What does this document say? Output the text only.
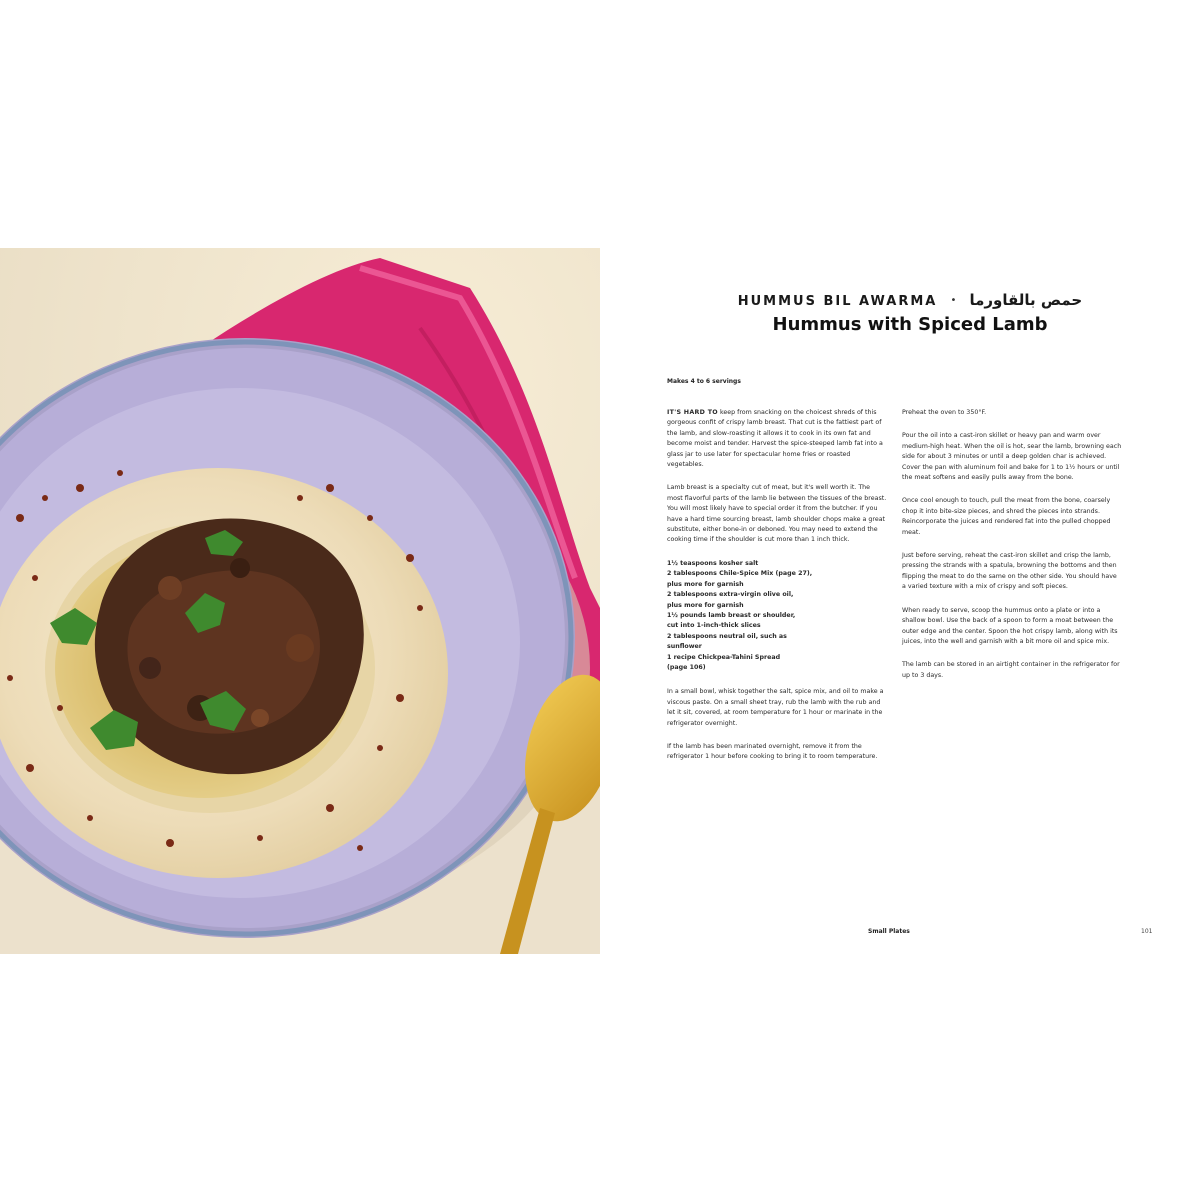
HUMMUS BIL AWARMA • حمص بالقاورما
Hummus with Spiced Lamb
Makes 4 to 6 servings

IT'S HARD TO keep from snacking on the choicest shreds of this gorgeous confit of crispy lamb breast. That cut is the fattiest part of the lamb, and slow-roasting it allows it to cook in its own fat and become moist and tender. Harvest the spice-steeped lamb fat into a glass jar to use later for spectacular home fries or roasted vegetables.

Lamb breast is a specialty cut of meat, but it's well worth it. The most flavorful parts of the lamb lie between the tissues of the breast. You will most likely have to special order it from the butcher. If you have a hard time sourcing breast, lamb shoulder chops make a great substitute, either bone-in or deboned. You may need to extend the cooking time if the shoulder is cut more than 1 inch thick.

1½ teaspoons kosher salt
2 tablespoons Chile-Spice Mix (page 27),
plus more for garnish
2 tablespoons extra-virgin olive oil,
plus more for garnish
1½ pounds lamb breast or shoulder,
cut into 1-inch-thick slices
2 tablespoons neutral oil, such as
sunflower
1 recipe Chickpea-Tahini Spread
(page 106)

In a small bowl, whisk together the salt, spice mix, and oil to make a viscous paste. On a small sheet tray, rub the lamb with the rub and let it sit, covered, at room temperature for 1 hour or marinate in the refrigerator overnight.

If the lamb has been marinated overnight, remove it from the refrigerator 1 hour before cooking to bring it to room temperature.

Preheat the oven to 350°F.

Pour the oil into a cast-iron skillet or heavy pan and warm over medium-high heat. When the oil is hot, sear the lamb, browning each side for about 3 minutes or until a deep golden char is achieved. Cover the pan with aluminum foil and bake for 1 to 1½ hours or until the meat softens and easily pulls away from the bone.

Once cool enough to touch, pull the meat from the bone, coarsely chop it into bite-size pieces, and shred the pieces into strands. Reincorporate the juices and rendered fat into the pulled chopped meat.

Just before serving, reheat the cast-iron skillet and crisp the lamb, pressing the strands with a spatula, browning the bottoms and then flipping the meat to do the same on the other side. You should have a varied texture with a mix of crispy and soft pieces.

When ready to serve, scoop the hummus onto a plate or into a shallow bowl. Use the back of a spoon to form a moat between the outer edge and the center. Spoon the hot crispy lamb, along with its juices, into the well and garnish with a bit more oil and spice mix.

The lamb can be stored in an airtight container in the refrigerator for up to 3 days.

Small Plates	101
